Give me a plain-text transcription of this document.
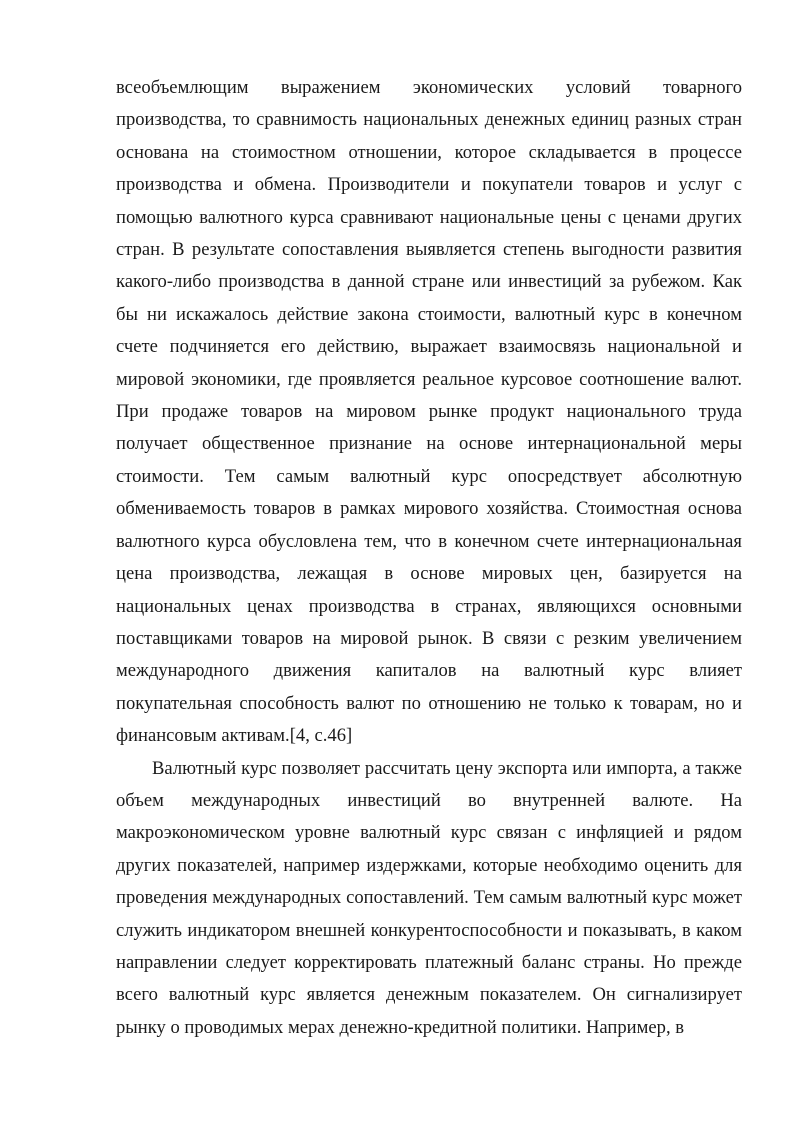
всеобъемлющим выражением экономических условий товарного производства, то сравнимость национальных денежных единиц разных стран основана на стоимостном отношении, которое складывается в процессе производства и обмена. Производители и покупатели товаров и услуг с помощью валютного курса сравнивают национальные цены с ценами других стран. В результате сопоставления выявляется степень выгодности развития какого-либо производства в данной стране или инвестиций за рубежом. Как бы ни искажалось действие закона стоимости, валютный курс в конечном счете подчиняется его действию, выражает взаимосвязь национальной и мировой экономики, где проявляется реальное курсовое соотношение валют. При продаже товаров на мировом рынке продукт национального труда получает общественное признание на основе интернациональной меры стоимости. Тем самым валютный курс опосредствует абсолютную обмениваемость товаров в рамках мирового хозяйства. Стоимостная основа валютного курса обусловлена тем, что в конечном счете интернациональная цена производства, лежащая в основе мировых цен, базируется на национальных ценах производства в странах, являющихся основными поставщиками товаров на мировой рынок. В связи с резким увеличением международного движения капиталов на валютный курс влияет покупательная способность валют по отношению не только к товарам, но и финансовым активам.[4, с.46]

Валютный курс позволяет рассчитать цену экспорта или импорта, а также объем международных инвестиций во внутренней валюте. На макроэкономическом уровне валютный курс связан с инфляцией и рядом других показателей, например издержками, которые необходимо оценить для проведения международных сопоставлений. Тем самым валютный курс может служить индикатором внешней конкурентоспособности и показывать, в каком направлении следует корректировать платежный баланс страны. Но прежде всего валютный курс является денежным показателем. Он сигнализирует рынку о проводимых мерах денежно-кредитной политики. Например, в
